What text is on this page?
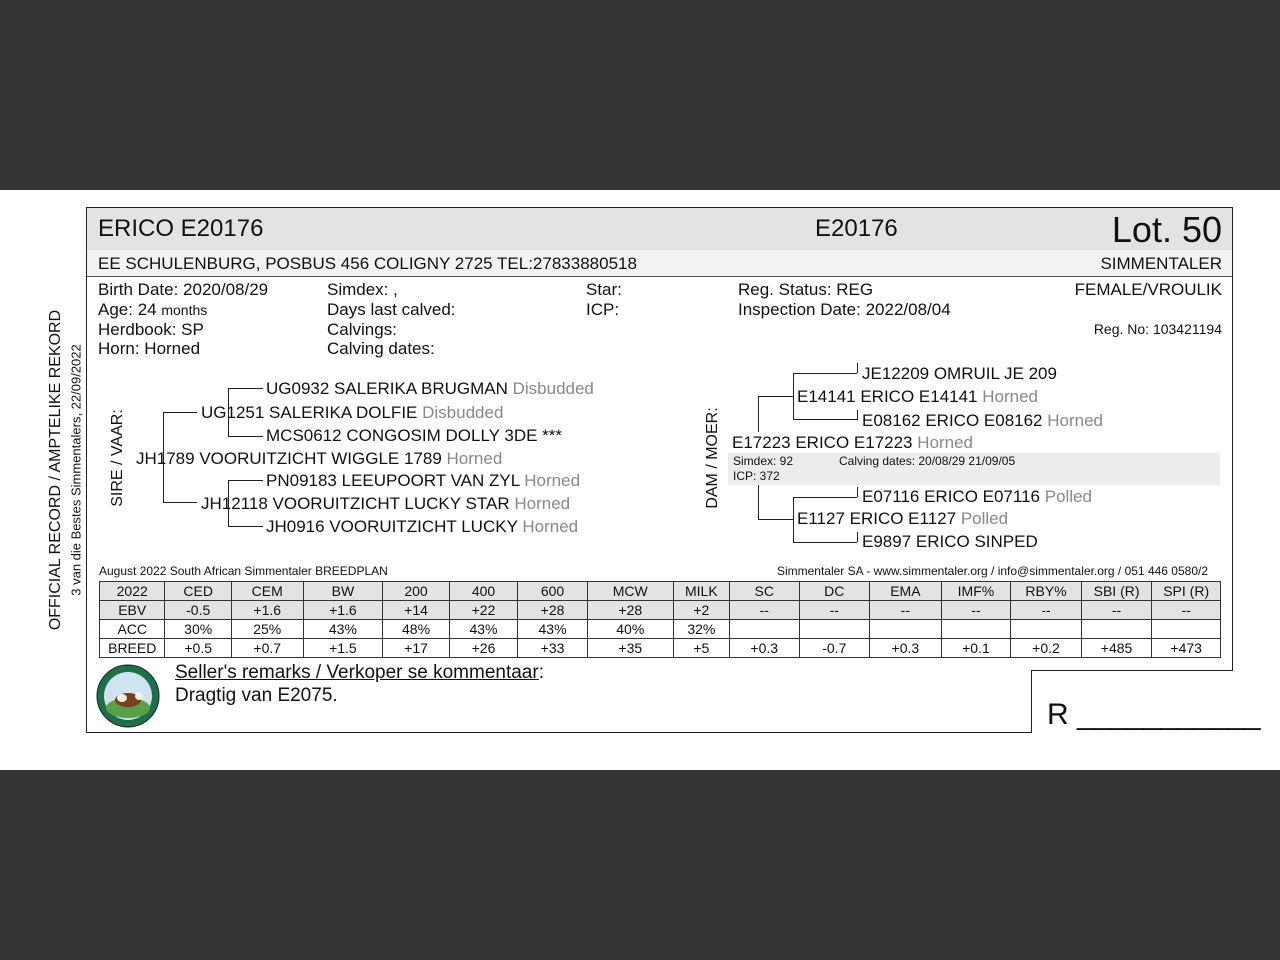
OFFICIAL RECORD / AMPTELIKE REKORD 3 van die Bestes Simmentalers, 22/09/2022
ERICO E20176	E20176	Lot. 50
EE SCHULENBURG, POSBUS 456 COLIGNY 2725 TEL:27833880518	SIMMENTALER
Birth Date: 2020/08/29
Age: 24 months
Herdbook: SP
Horn: Horned
Simdex: ,
Days last calved:
Calvings:
Calving dates:
Star:
ICP:
Reg. Status: REG
Inspection Date: 2022/08/04
FEMALE/VROULIK
Reg. No: 103421194
SIRE / VAAR:
UG0932 SALERIKA BRUGMAN Disbudded
UG1251 SALERIKA DOLFIE Disbudded
MCS0612 CONGOSIM DOLLY 3DE ***
JH1789 VOORUITZICHT WIGGLE 1789 Horned
PN09183 LEEUPOORT VAN ZYL Horned
JH12118 VOORUITZICHT LUCKY STAR Horned
JH0916 VOORUITZICHT LUCKY Horned
DAM / MOER:
JE12209 OMRUIL JE 209
E14141 ERICO E14141 Horned
E08162 ERICO E08162 Horned
E17223 ERICO E17223 Horned
Simdex: 92	Calving dates: 20/08/29 21/09/05
ICP: 372
E07116 ERICO E07116 Polled
E1127 ERICO E1127 Polled
E9897 ERICO SINPED
August 2022 South African Simmentaler BREEDPLAN	Simmentaler SA - www.simmentaler.org / info@simmentaler.org / 051 446 0580/2
2022	CED	CEM	BW	200	400	600	MCW	MILK	SC	DC	EMA	IMF%	RBY%	SBI (R)	SPI (R)
EBV	-0.5	+1.6	+1.6	+14	+22	+28	+28	+2	--	--	--	--	--	--	--
ACC	30%	25%	43%	48%	43%	43%	40%	32%							
BREED	+0.5	+0.7	+1.5	+17	+26	+33	+35	+5	+0.3	-0.7	+0.3	+0.1	+0.2	+485	+473
Seller's remarks / Verkoper se kommentaar:
Dragtig van E2075.
R ___________
